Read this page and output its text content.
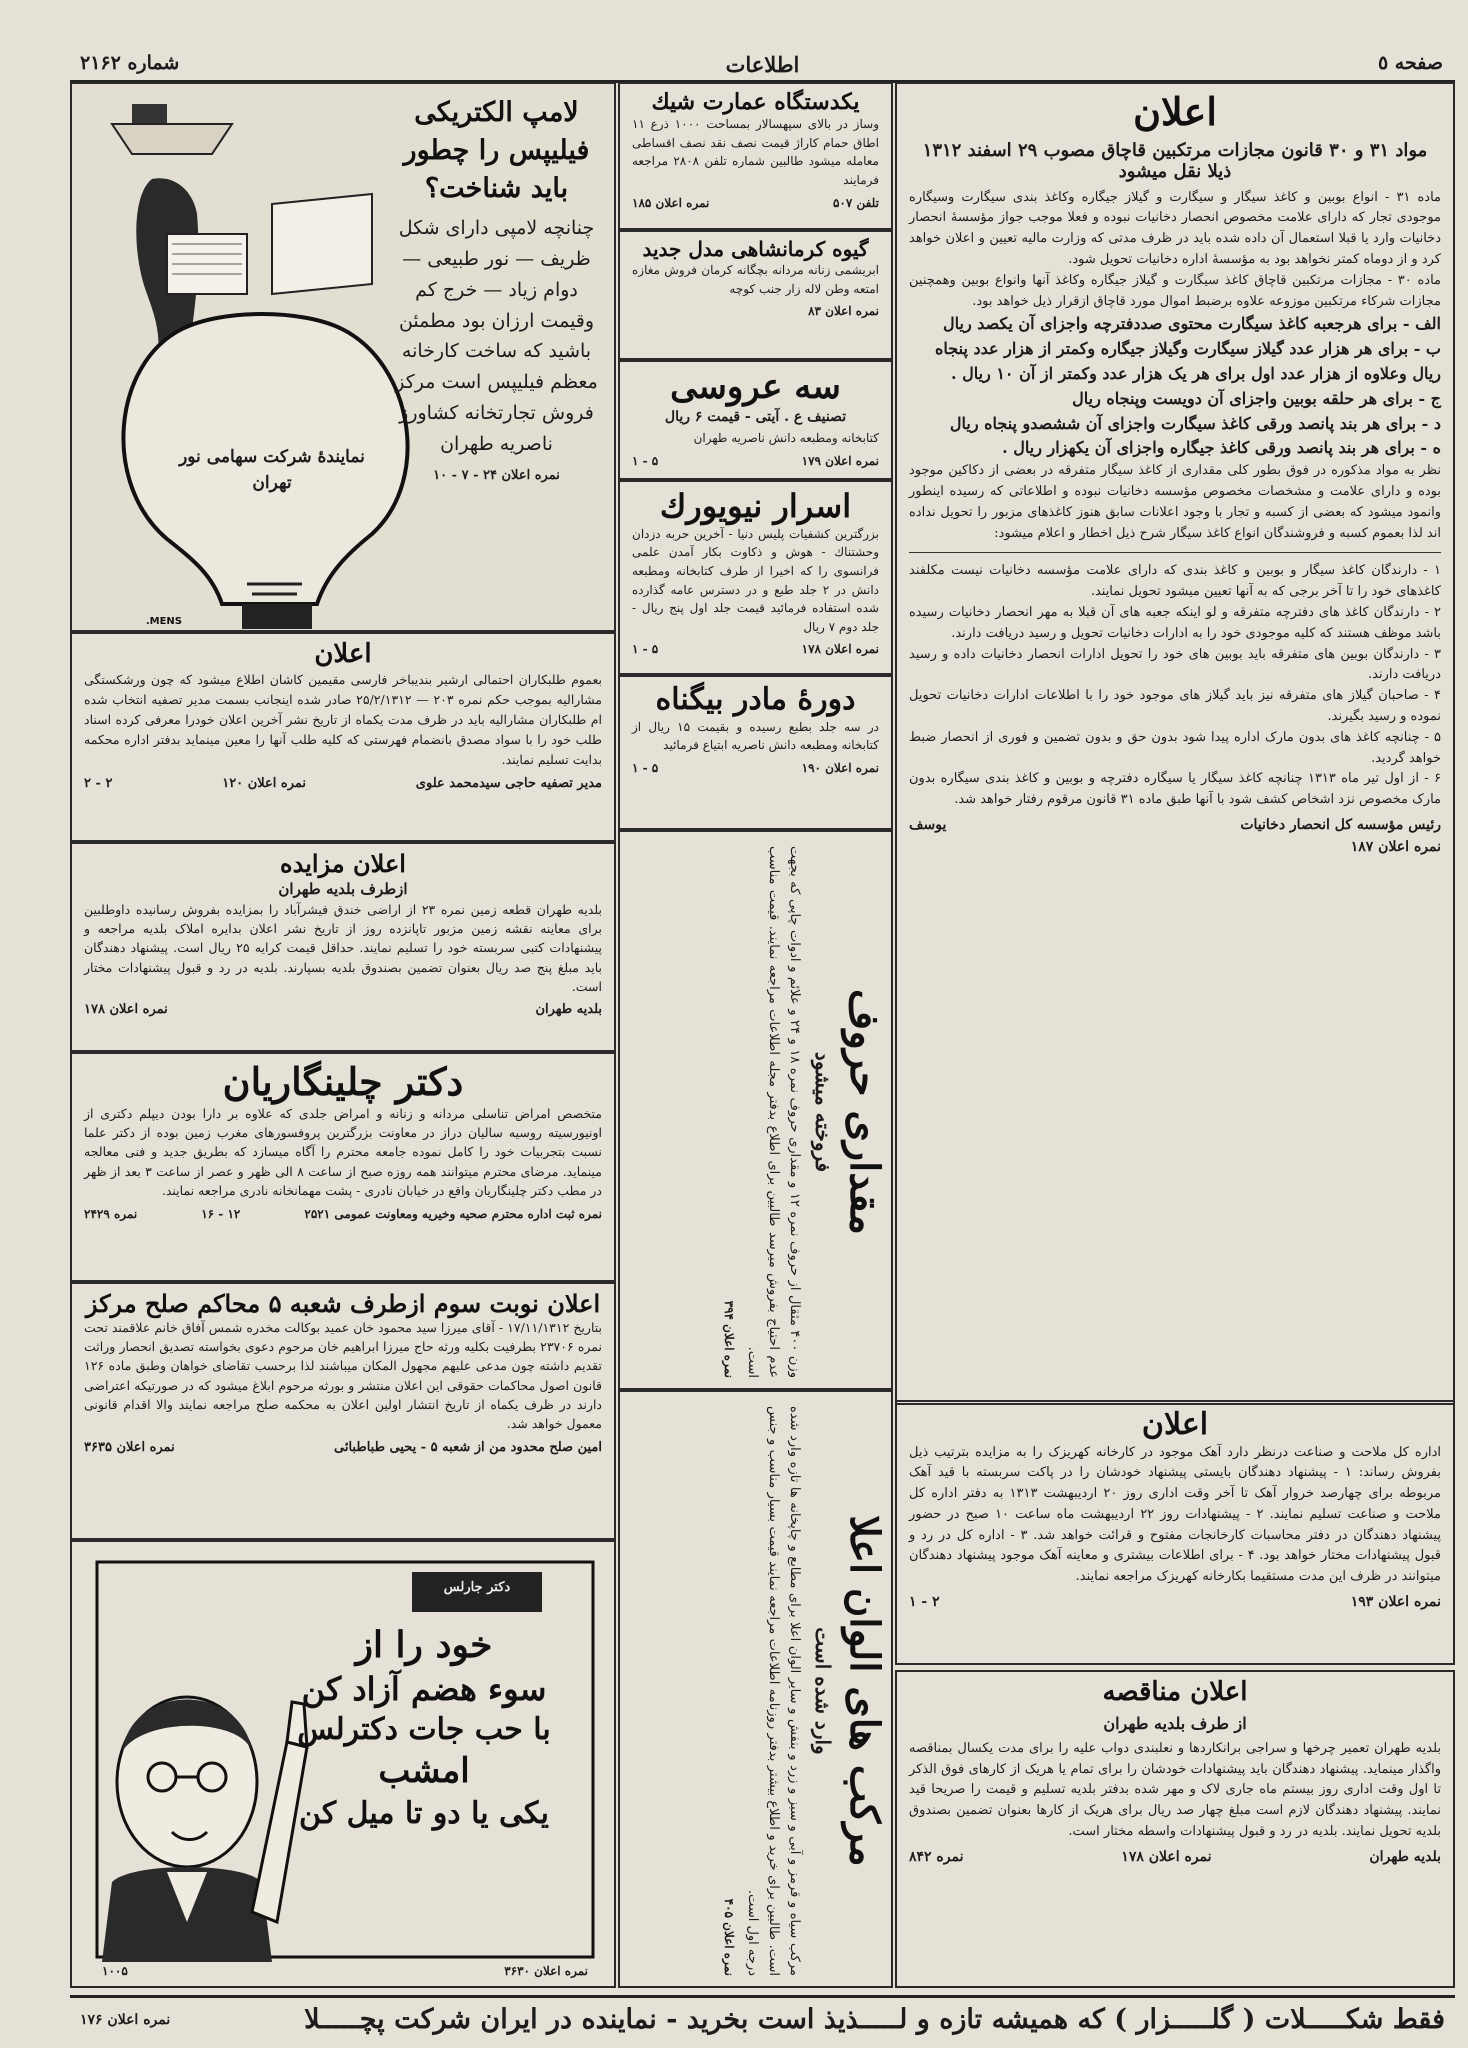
صفحه ٥
اطلاعات
شماره ۲۱۶۲
اعلان
مواد ۳۱ و ۳۰ قانون مجازات مرتکبین قاچاق مصوب ۲۹ اسفند ۱۳۱۲ ذیلا نقل میشود
ماده ۳۱ - انواع بوبین و کاغذ سیگار و سیگارت و گیلاز جیگاره وکاغذ بندی سیگارت وسیگاره موجودی تجار که دارای علامت مخصوص انحصار دخانیات نبوده و فعلا موجب جواز مؤسسهٔ انحصار دخانیات وارد یا قبلا استعمال آن داده شده باید در ظرف مدتی که وزارت مالیه تعیین و اعلان خواهد کرد و از دوماه کمتر نخواهد بود به مؤسسهٔ اداره دخانیات تحویل شود.
ماده ۳۰ - مجازات مرتکبین قاچاق کاغذ سیگارت و گیلاز جیگاره وکاغذ آنها وانواع بوبین وهمچنین مجازات شرکاء مرتکبین موزوعه علاوه برضبط اموال مورد قاچاق ازقرار ذیل خواهد بود.
الف - برای هرجعبه کاغذ سیگارت محتوی صددفترچه واجزای آن یکصد ریال
ب - برای هر هزار عدد گیلاز سیگارت وگیلاز جیگاره وکمتر از هزار عدد پنجاه ریال وعلاوه از هزار عدد اول برای هر یک هزار عدد وکمتر از آن ۱۰ ریال .
ج - برای هر حلقه بوبین واجزای آن دویست وپنجاه ریال
د - برای هر بند پانصد ورقی کاغذ سیگارت واجزای آن ششصدو پنجاه ریال
ه - برای هر بند پانصد ورقی کاغذ جیگاره واجزای آن یکهزار ریال .
نظر به مواد مذکوره در فوق بطور کلی مقداری از کاغذ سیگار متفرقه در بعضی از دکاکین موجود بوده و دارای علامت و مشخصات مخصوص مؤسسه دخانیات نبوده و اطلاعاتی که رسیده اینطور وانمود میشود که بعضی از کسبه و تجار با وجود اعلانات سابق هنوز کاغذهای مزبور را تحویل نداده اند لذا بعموم کسبه و فروشندگان انواع کاغذ سیگار شرح ذیل اخطار و اعلام میشود:
۱ - دارندگان کاغذ سیگار و بوبین و کاغذ بندی که دارای علامت مؤسسه دخانیات نیست مکلفند کاغذهای خود را تا آخر برجی که به آنها تعیین میشود تحویل نمایند.
۲ - دارندگان کاغذ های دفترچه متفرقه و لو اینکه جعبه های آن قبلا به مهر انحصار دخانیات رسیده باشد موظف هستند که کلیه موجودی خود را به ادارات دخانیات تحویل و رسید دریافت دارند.
۳ - دارندگان بوبین های متفرقه باید بوبین های خود را تحویل ادارات انحصار دخانیات داده و رسید دریافت دارند.
۴ - صاحبان گیلاز های متفرقه نیز باید گیلاز های موجود خود را با اطلاعات ادارات دخانیات تحویل نموده و رسید بگیرند.
۵ - چنانچه کاغذ های بدون مارک اداره پیدا شود بدون حق و بدون تضمین و فوری از انحصار ضبط خواهد گردید.
۶ - از اول تیر ماه ۱۳۱۳ چنانچه کاغذ سیگار یا سیگاره دفترچه و بوبین و کاغذ بندی سیگاره بدون مارک مخصوص نزد اشخاص کشف شود با آنها طبق ماده ۳۱ قانون مرقوم رفتار خواهد شد.
رئیس مؤسسه کل انحصار دخانیات
یوسف
نمره اعلان ۱۸۷
اعلان
اداره کل ملاحت و صناعت درنظر دارد آهک موجود در کارخانه کهریزک را به مزایده بترتیب ذیل بفروش رساند: ۱ - پیشنهاد دهندگان بایستی پیشنهاد خودشان را در پاکت سربسته با قید آهک مربوطه برای چهارصد خروار آهک تا آخر وقت اداری روز ۲۰ اردیبهشت ۱۳۱۳ به دفتر اداره کل ملاحت و صناعت تسلیم نمایند. ۲ - پیشنهادات روز ۲۲ اردیبهشت ماه ساعت ۱۰ صبح در حضور پیشنهاد دهندگان در دفتر محاسبات کارخانجات مفتوح و قرائت خواهد شد. ۳ - اداره کل در رد و قبول پیشنهادات مختار خواهد بود. ۴ - برای اطلاعات بیشتری و معاینه آهک موجود پیشنهاد دهندگان میتوانند در ظرف این مدت مستقیما بکارخانه کهریزک مراجعه نمایند.
نمره اعلان ۱۹۳
۲ - ۱
اعلان مناقصه
از طرف بلدیه طهران
بلدیه طهران تعمیر چرخها و سراجی برانکاردها و نعلبندی دواب علیه را برای مدت یکسال بمناقصه واگذار مینماید. پیشنهاد دهندگان باید پیشنهادات خودشان را برای تمام یا هریک از کارهای فوق الذکر تا اول وقت اداری روز بیستم ماه جاری لاک و مهر شده بدفتر بلدیه تسلیم و قیمت را صریحا قید نمایند. پیشنهاد دهندگان لازم است مبلغ چهار صد ریال برای هریک از کارها بعنوان تضمین بصندوق بلدیه تحویل نمایند. بلدیه در رد و قبول پیشنهادات واسطه مختار است.
بلدیه طهران
نمره اعلان ۱۷۸
نمره ۸۴۲
یکدستگاه عمارت شیك
وساز در بالای سپهسالار بمساحت ۱۰۰۰ ذرع ۱۱ اطاق حمام کاراژ قیمت نصف نقد نصف اقساطی معامله میشود طالبین شماره تلفن ۲۸۰۸ مراجعه فرمایند
تلفن ۵۰۷
نمره اعلان ۱۸۵
گیوه کرمانشاهی مدل جدید
ابریشمی زنانه مردانه بچگانه کرمان فروش مغازه امتعه وطن لاله زار جنب کوچه
نمره اعلان ۸۳
سه عروسی
تصنیف ع . آیتی - قیمت ۶ ریال
کتابخانه ومطبعه دانش ناصریه طهران
نمره اعلان ۱۷۹
۵ - ۱
اسرار نیویورك
بزرگترین کشفیات پلیس دنیا - آخرین حربه دزدان وحشتناك - هوش و ذکاوت بکار آمدن علمی فرانسوی را که اخیرا از طرف کتابخانه ومطبعه دانش در ۲ جلد طبع و در دسترس عامه گذارده شده استفاده فرمائید قیمت جلد اول پنج ریال - جلد دوم ۷ ریال
نمره اعلان ۱۷۸
۵ - ۱
دورهٔ مادر بیگناه
در سه جلد بطبع رسیده و بقیمت ۱۵ ریال از کتابخانه ومطبعه دانش ناصریه ابتیاع فرمائید
نمره اعلان ۱۹۰
۵ - ۱
مقداری حروف
فروخته میشود
وزن ۴۰۰ مثقال از حروف نمره ۱۲ و مقداری حروف نمره ۱۸ و ۲۴ و علائم و ادوات چاپی که بجهت عدم احتیاج بفروش میرسد طالبین برای اطلاع بدفتر مجله اطلاعات مراجعه نمایند. قیمت مناسب است.
نمره اعلان ۳۹۴
مرکب های الوان اعلا
وارد شده است
مرکب سیاه و قرمز و آبی و سبز و زرد و بنفش و سایر الوان اعلا برای مطابع و چاپخانه ها تازه وارد شده است. طالبین برای خرید و اطلاع بیشتر بدفتر روزنامه اطلاعات مراجعه نمایند قیمت بسیار مناسب و جنس درجه اول است.
نمره اعلان ۴۰۵
MENS.
نمایندهٔ شرکت سهامی نور تهران
لامپ الکتریکی فیلیپس را چطور باید شناخت؟
چنانچه لامپی دارای شکل ظریف — نور طبیعی — دوام زیاد — خرج کم وقیمت ارزان بود مطمئن باشید که ساخت کارخانه معظم فیلیپس است مرکز فروش تجارتخانه کشاورز ناصریه طهران
نمره اعلان ۲۴ - ۷ - ۱۰
اعلان
بعموم طلبکاران احتمالی ارشیر بندیباخر فارسی مقیمین کاشان اطلاع میشود که چون ورشکستگی مشارالیه بموجب حکم نمره ۲۰۳ — ۲۵/۲/۱۳۱۲ صادر شده اینجانب بسمت مدیر تصفیه انتخاب شده ام طلبکاران مشارالیه باید در ظرف مدت یکماه از تاریخ نشر آخرین اعلان خودرا معرفی کرده اسناد طلب خود را با سواد مصدق بانضمام فهرستی که کلیه طلب آنها را معین مینماید بدفتر اداره محکمه بدایت تسلیم نمایند.
مدیر تصفیه حاجی سیدمحمد علوی
نمره اعلان ۱۲۰
۲ - ۲
اعلان مزایده
ازطرف بلدیه طهران
بلدیه طهران قطعه زمین نمره ۲۳ از اراضی خندق فیشرآباد را بمزایده بفروش رسانیده داوطلبین برای معاینه نقشه زمین مزبور تاپانزده روز از تاریخ نشر اعلان بدایره املاک بلدیه مراجعه و پیشنهادات کتبی سربسته خود را تسلیم نمایند. حداقل قیمت کرایه ۲۵ ریال است. پیشنهاد دهندگان باید مبلغ پنج صد ریال بعنوان تضمین بصندوق بلدیه بسپارند. بلدیه در رد و قبول پیشنهادات مختار است.
بلدیه طهران
نمره اعلان ۱۷۸
دکتر چلینگاریان
متخصص امراض تناسلی مردانه و زنانه و امراض جلدی که علاوه بر دارا بودن دیپلم دکتری از اونیورسیته روسیه سالیان دراز در معاونت بزرگترین پروفسورهای مغرب زمین بوده از دکتر علما نسبت بتجربیات خود را کامل نموده جامعه محترم را آگاه میسازد که بطریق جدید و فنی معالجه مینماید. مرضای محترم میتوانند همه روزه صبح از ساعت ۸ الی ظهر و عصر از ساعت ۳ بعد از ظهر در مطب دکتر چلینگاریان واقع در خیابان نادری - پشت مهمانخانه نادری مراجعه نمایند.
نمره ثبت اداره محترم صحیه وخیریه ومعاونت عمومی ۲۵۲۱
۱۲ - ۱۶
نمره ۲۴۲۹
اعلان نوبت سوم ازطرف شعبه ۵ محاکم صلح مرکز
بتاریخ ۱۷/۱۱/۱۳۱۲ - آقای میرزا سید محمود خان عمید بوکالت مخدره شمس آفاق خانم علاقمند تحت نمره ۲۳۷۰۶ بطرفیت بکلیه ورثه حاج میرزا ابراهیم خان مرحوم دعوی بخواسته تصدیق انحصار وراثت تقدیم داشته چون مدعی علیهم مجهول المکان میباشند لذا برحسب تقاضای خواهان وطبق ماده ۱۲۶ قانون اصول محاکمات حقوقی این اعلان منتشر و بورثه مرحوم ابلاغ میشود که در صورتیکه اعتراضی دارند در ظرف یکماه از تاریخ انتشار اولین اعلان به محکمه صلح مراجعه نمایند والا اقدام قانونی معمول خواهد شد.
امین صلح محدود من از شعبه ۵ - یحیی طباطبائی
نمره اعلان ۳۶۳۵
دکتر جارلس
خود را از
سوء هضم آزاد کن
با حب جات دکترلس
امشب
یکی یا دو تا میل کن
نمره اعلان ۳۶۳۰
۱۰۰۵
فقط شکـــــلات ( گلـــــزار ) که همیشه تازه و لـــــذیذ است بخرید - نماینده در ایران شرکت پچـــــلا
نمره اعلان ۱۷۶
